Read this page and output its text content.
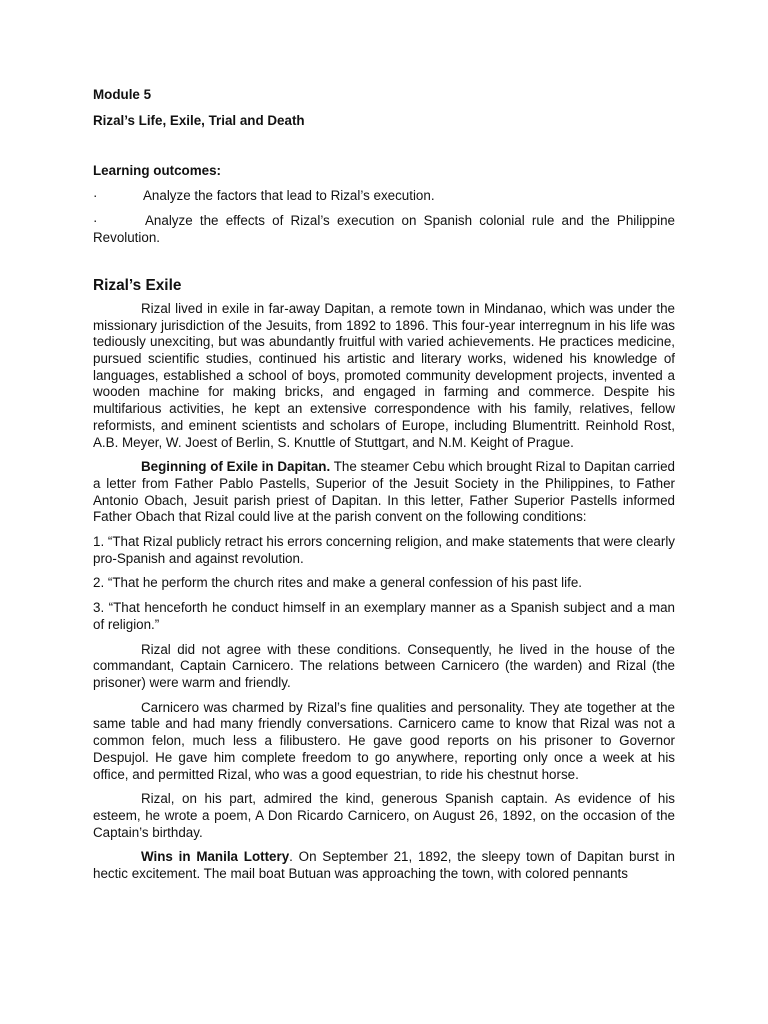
Module 5
Rizal’s Life, Exile, Trial and Death
Learning outcomes:
·	Analyze the factors that lead to Rizal’s execution.
·	Analyze the effects of Rizal’s execution on Spanish colonial rule and the Philippine Revolution.
Rizal’s Exile

Rizal lived in exile in far-away Dapitan, a remote town in Mindanao, which was under the missionary jurisdiction of the Jesuits, from 1892 to 1896. This four-year interregnum in his life was tediously unexciting, but was abundantly fruitful with varied achievements. He practices medicine, pursued scientific studies, continued his artistic and literary works, widened his knowledge of languages, established a school of boys, promoted community development projects, invented a wooden machine for making bricks, and engaged in farming and commerce. Despite his multifarious activities, he kept an extensive correspondence with his family, relatives, fellow reformists, and eminent scientists and scholars of Europe, including Blumentritt. Reinhold Rost, A.B. Meyer, W. Joest of Berlin, S. Knuttle of Stuttgart, and N.M. Keight of Prague.

Beginning of Exile in Dapitan. The steamer Cebu which brought Rizal to Dapitan carried a letter from Father Pablo Pastells, Superior of the Jesuit Society in the Philippines, to Father Antonio Obach, Jesuit parish priest of Dapitan. In this letter, Father Superior Pastells informed Father Obach that Rizal could live at the parish convent on the following conditions:

1. “That Rizal publicly retract his errors concerning religion, and make statements that were clearly pro-Spanish and against revolution.

2. “That he perform the church rites and make a general confession of his past life.

3. “That henceforth he conduct himself in an exemplary manner as a Spanish subject and a man of religion.”

Rizal did not agree with these conditions. Consequently, he lived in the house of the commandant, Captain Carnicero. The relations between Carnicero (the warden) and Rizal (the prisoner) were warm and friendly.

Carnicero was charmed by Rizal’s fine qualities and personality. They ate together at the same table and had many friendly conversations. Carnicero came to know that Rizal was not a common felon, much less a filibustero. He gave good reports on his prisoner to Governor Despujol. He gave him complete freedom to go anywhere, reporting only once a week at his office, and permitted Rizal, who was a good equestrian, to ride his chestnut horse.

Rizal, on his part, admired the kind, generous Spanish captain. As evidence of his esteem, he wrote a poem, A Don Ricardo Carnicero, on August 26, 1892, on the occasion of the Captain’s birthday.

Wins in Manila Lottery. On September 21, 1892, the sleepy town of Dapitan burst in hectic excitement. The mail boat Butuan was approaching the town, with colored pennants
